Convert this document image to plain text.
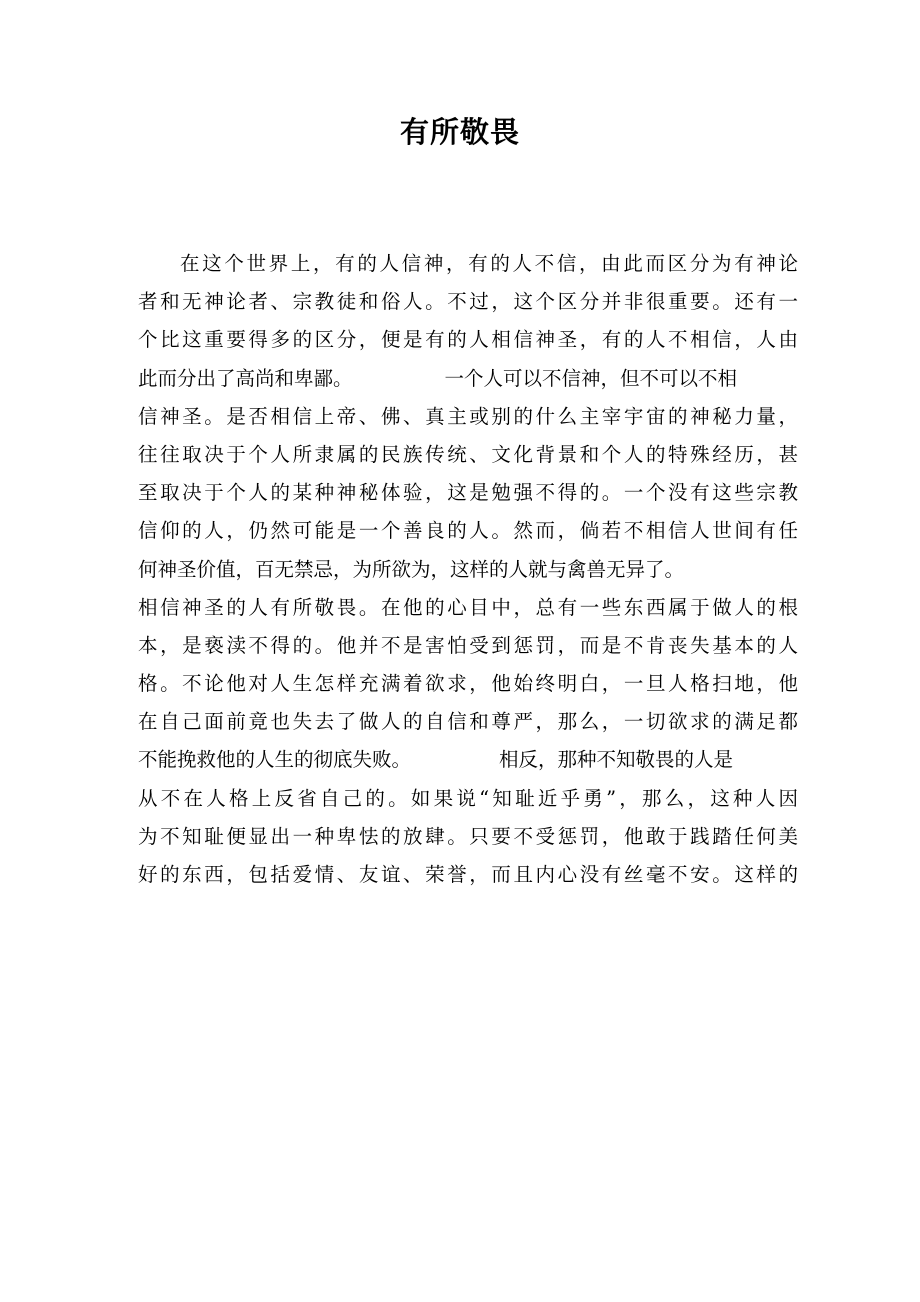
有所敬畏
在这个世界上，有的人信神，有的人不信，由此而区分为有神论
者和无神论者、宗教徒和俗人。不过，这个区分并非很重要。还有一
个比这重要得多的区分，便是有的人相信神圣，有的人不相信，人由
此而分出了高尚和卑鄙。	一个人可以不信神，但不可以不相
信神圣。是否相信上帝、佛、真主或别的什么主宰宇宙的神秘力量，
往往取决于个人所隶属的民族传统、文化背景和个人的特殊经历，甚
至取决于个人的某种神秘体验，这是勉强不得的。一个没有这些宗教
信仰的人，仍然可能是一个善良的人。然而，倘若不相信人世间有任
何神圣价值，百无禁忌，为所欲为，这样的人就与禽兽无异了。
相信神圣的人有所敬畏。在他的心目中，总有一些东西属于做人的根
本，是亵渎不得的。他并不是害怕受到惩罚，而是不肯丧失基本的人
格。不论他对人生怎样充满着欲求，他始终明白，一旦人格扫地，他
在自己面前竟也失去了做人的自信和尊严，那么，一切欲求的满足都
不能挽救他的人生的彻底失败。	相反，那种不知敬畏的人是
从不在人格上反省自己的。如果说“知耻近乎勇”，那么，这种人因
为不知耻便显出一种卑怯的放肆。只要不受惩罚，他敢于践踏任何美
好的东西，包括爱情、友谊、荣誉，而且内心没有丝毫不安。这样的
